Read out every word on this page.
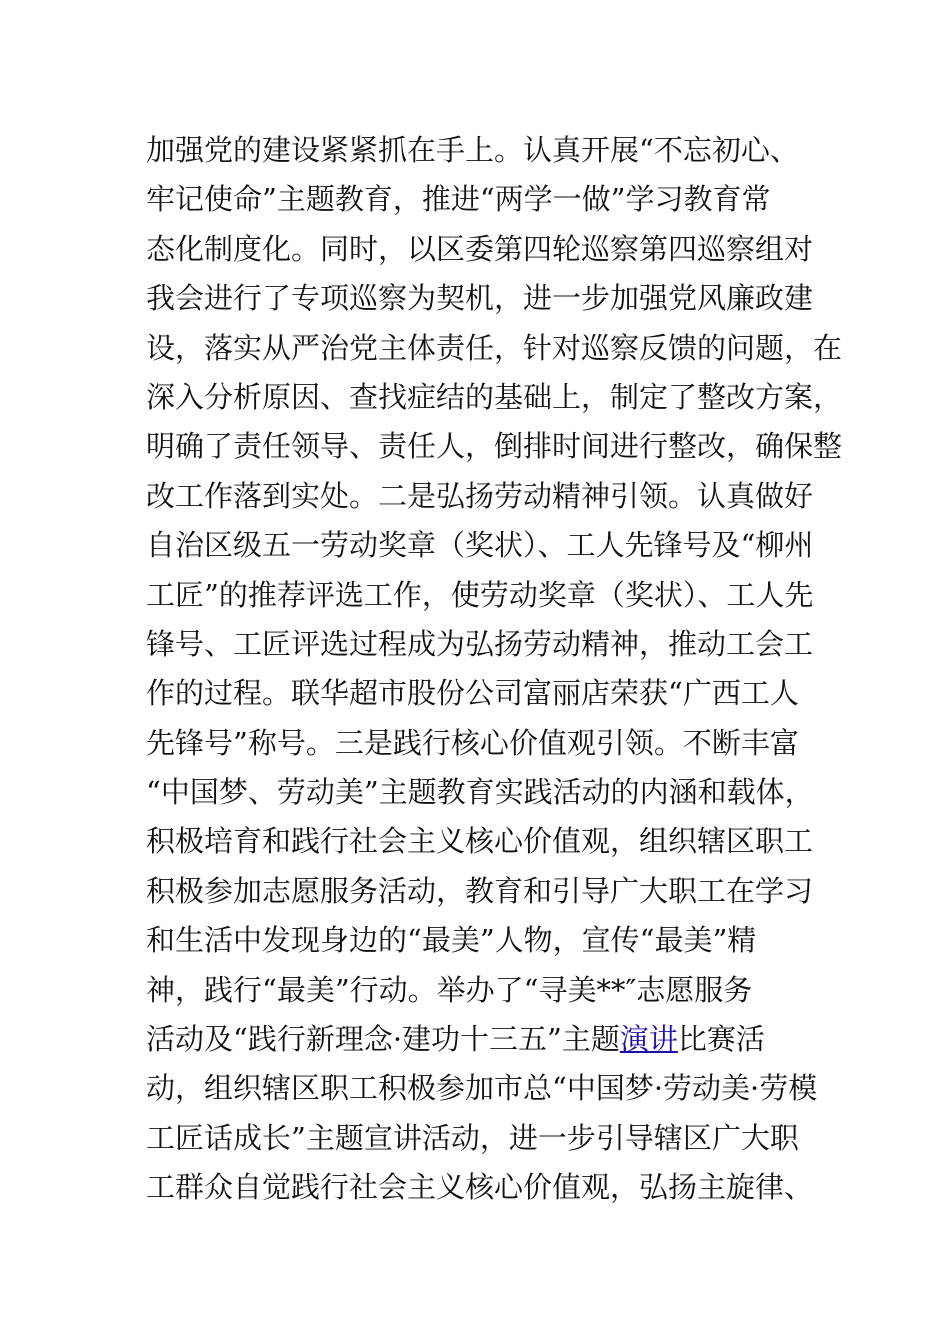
加强党的建设紧紧抓在手上。认真开展“不忘初心、
牢记使命”主题教育，推进“两学一做”学习教育常
态化制度化。同时，以区委第四轮巡察第四巡察组对
我会进行了专项巡察为契机，进一步加强党风廉政建
设，落实从严治党主体责任，针对巡察反馈的问题，在
深入分析原因、查找症结的基础上，制定了整改方案，
明确了责任领导、责任人，倒排时间进行整改，确保整
改工作落到实处。二是弘扬劳动精神引领。认真做好
自治区级五一劳动奖章（奖状）、工人先锋号及“柳州
工匠”的推荐评选工作，使劳动奖章（奖状）、工人先
锋号、工匠评选过程成为弘扬劳动精神，推动工会工
作的过程。联华超市股份公司富丽店荣获“广西工人
先锋号”称号。三是践行核心价值观引领。不断丰富
“中国梦、劳动美”主题教育实践活动的内涵和载体，
积极培育和践行社会主义核心价值观，组织辖区职工
积极参加志愿服务活动，教育和引导广大职工在学习
和生活中发现身边的“最美”人物，宣传“最美”精
神，践行“最美”行动。举办了“寻美**″志愿服务
活动及“践行新理念·建功十三五”主题演讲比赛活
动，组织辖区职工积极参加市总“中国梦·劳动美·劳模
工匠话成长”主题宣讲活动，进一步引导辖区广大职
工群众自觉践行社会主义核心价值观，弘扬主旋律、
